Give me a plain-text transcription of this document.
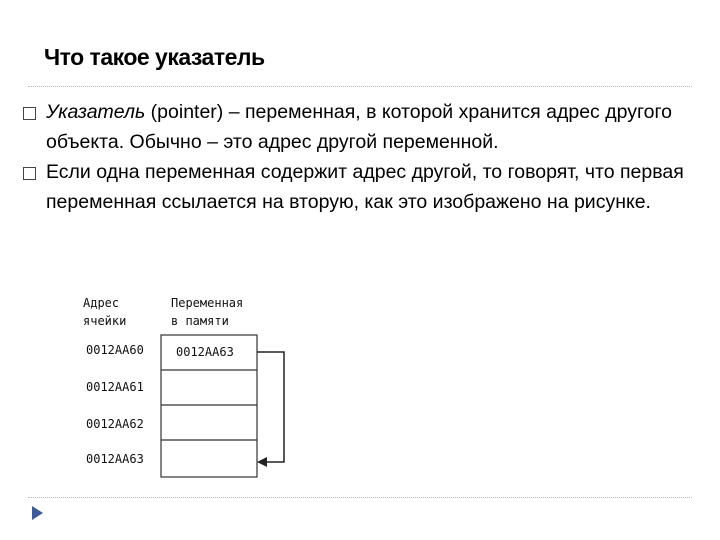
Что такое указатель
Указатель (pointer) – переменная, в которой хранится адрес другого объекта. Обычно – это адрес другой переменной.
Если одна переменная содержит адрес другой, то говорят, что первая переменная ссылается на вторую, как это изображено на рисунке.
Адрес
ячейки
Переменная
в памяти
0012AA60
0012AA61
0012AA62
0012AA63
0012AA63
